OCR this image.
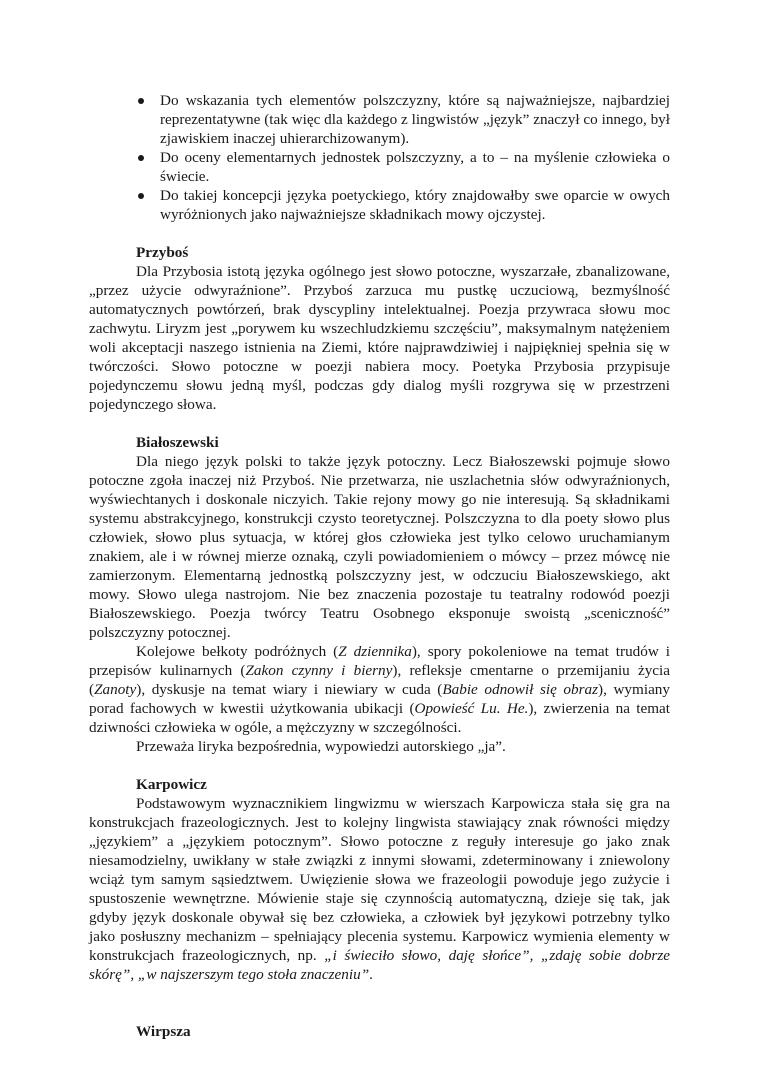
Do wskazania tych elementów polszczyzny, które są najważniejsze, najbardziej reprezentatywne (tak więc dla każdego z lingwistów „język” znaczył co innego, był zjawiskiem inaczej uhierarchizowanym).
Do oceny elementarnych jednostek polszczyzny, a to – na myślenie człowieka o świecie.
Do takiej koncepcji języka poetyckiego, który znajdowałby swe oparcie w owych wyróżnionych jako najważniejsze składnikach mowy ojczystej.
Przyboś

Dla Przybosia istotą języka ogólnego jest słowo potoczne, wyszarzałe, zbanalizowane, „przez użycie odwyraźnione”. Przyboś zarzuca mu pustkę uczuciową, bezmyślność automatycznych powtórzeń, brak dyscypliny intelektualnej. Poezja przywraca słowu moc zachwytu. Liryzm jest „porywem ku wszechludzkiemu szczęściu”, maksymalnym natężeniem woli akceptacji naszego istnienia na Ziemi, które najprawdziwiej i najpiękniej spełnia się w twórczości. Słowo potoczne w poezji nabiera mocy. Poetyka Przybosia przypisuje pojedynczemu słowu jedną myśl, podczas gdy dialog myśli rozgrywa się w przestrzeni pojedynczego słowa.

Białoszewski

Dla niego język polski to także język potoczny. Lecz Białoszewski pojmuje słowo potoczne zgoła inaczej niż Przyboś. Nie przetwarza, nie uszlachetnia słów odwyraźnionych, wyświechtanych i doskonale niczyich. Takie rejony mowy go nie interesują. Są składnikami systemu abstrakcyjnego, konstrukcji czysto teoretycznej. Polszczyzna to dla poety słowo plus człowiek, słowo plus sytuacja, w której głos człowieka jest tylko celowo uruchamianym znakiem, ale i w równej mierze oznaką, czyli powiadomieniem o mówcy – przez mówcę nie zamierzonym. Elementarną jednostką polszczyzny jest, w odczuciu Białoszewskiego, akt mowy. Słowo ulega nastrojom. Nie bez znaczenia pozostaje tu teatralny rodowód poezji Białoszewskiego. Poezja twórcy Teatru Osobnego eksponuje swoistą „sceniczność” polszczyzny potocznej.

Kolejowe bełkoty podróżnych (Z dziennika), spory pokoleniowe na temat trudów i przepisów kulinarnych (Zakon czynny i bierny), refleksje cmentarne o przemijaniu życia (Zanoty), dyskusje na temat wiary i niewiary w cuda (Babie odnowił się obraz), wymiany porad fachowych w kwestii użytkowania ubikacji (Opowieść Lu. He.), zwierzenia na temat dziwności człowieka w ogóle, a mężczyzny w szczególności.

Przeważa liryka bezpośrednia, wypowiedzi autorskiego „ja”.

Karpowicz

Podstawowym wyznacznikiem lingwizmu w wierszach Karpowicza stała się gra na konstrukcjach frazeologicznych. Jest to kolejny lingwista stawiający znak równości między „językiem” a „językiem potocznym”. Słowo potoczne z reguły interesuje go jako znak niesamodzielny, uwikłany w stałe związki z innymi słowami, zdeterminowany i zniewolony wciąż tym samym sąsiedztwem. Uwięzienie słowa we frazeologii powoduje jego zużycie i spustoszenie wewnętrzne. Mówienie staje się czynnością automatyczną, dzieje się tak, jak gdyby język doskonale obywał się bez człowieka, a człowiek był językowi potrzebny tylko jako posłuszny mechanizm – spełniający plecenia systemu. Karpowicz wymienia elementy w konstrukcjach frazeologicznych, np. „i świeciło słowo, daję słońce”, „zdaję sobie dobrze skórę”, „w najszerszym tego stoła znaczeniu”.

Wirpsza
